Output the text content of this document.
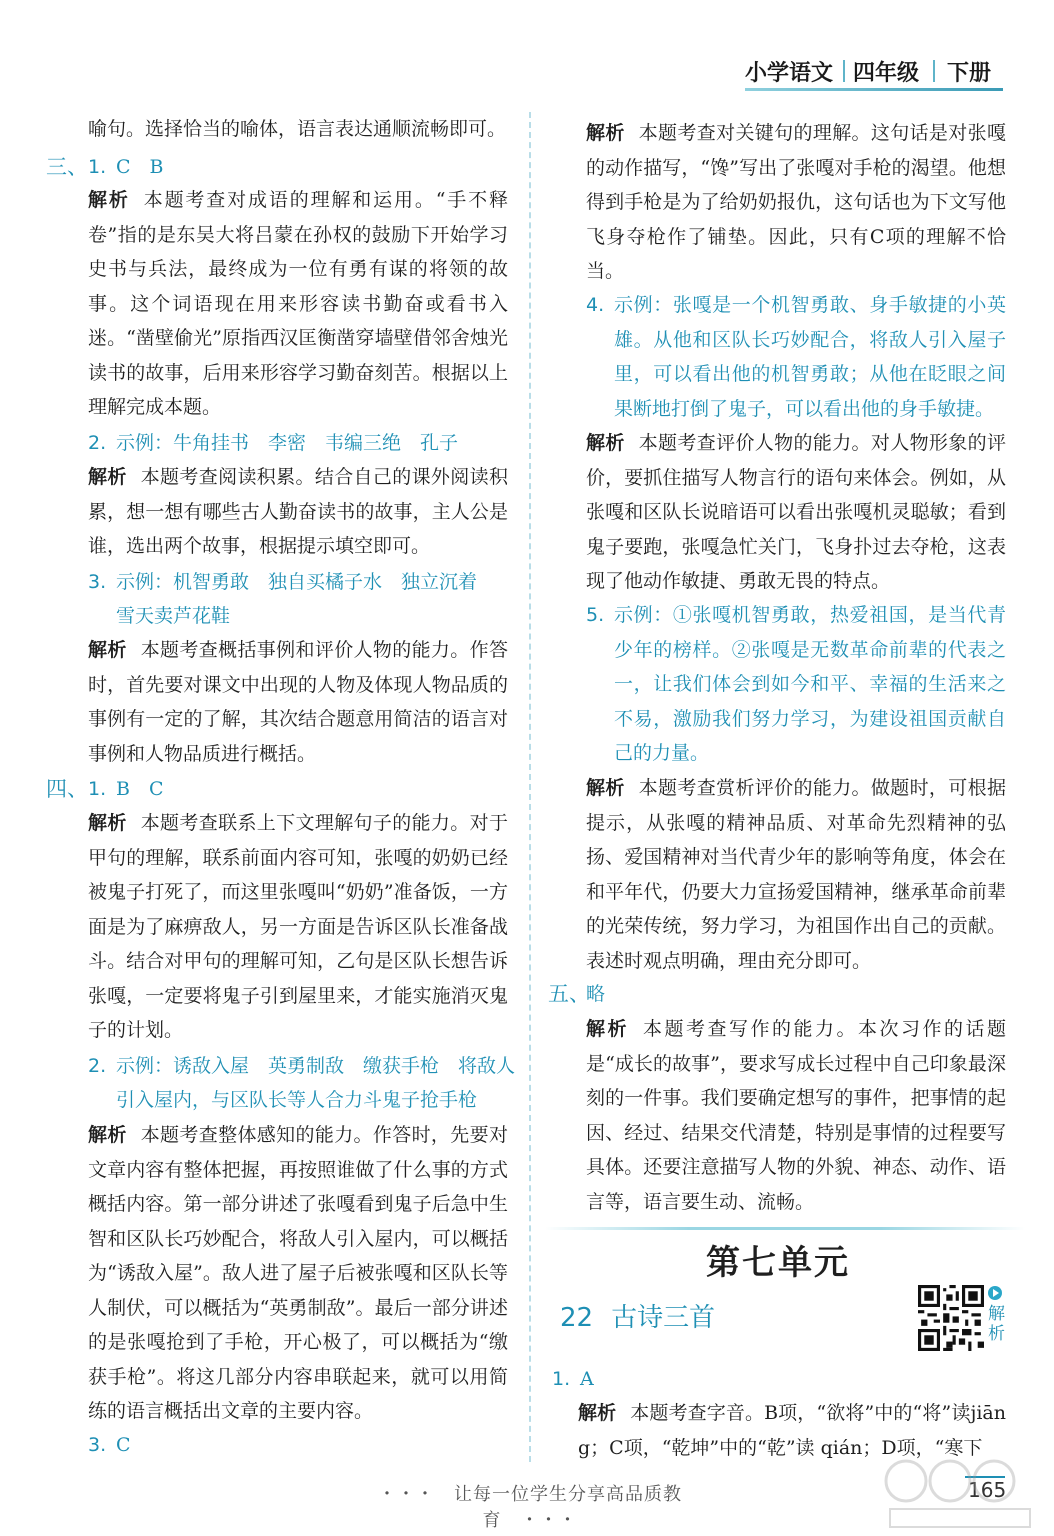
小学语文 四年级 下册
喻句。选择恰当的喻体，语言表达通顺流畅即可。
三、 1. C　B
解析 本题考查对成语的理解和运用。“手不释卷”指的是东吴大将吕蒙在孙权的鼓励下开始学习史书与兵法，最终成为一位有勇有谋的将领的故事。这个词语现在用来形容读书勤奋或看书入迷。“凿壁偷光”原指西汉匡衡凿穿墙壁借邻舍烛光读书的故事，后用来形容学习勤奋刻苦。根据以上理解完成本题。
2. 示例：牛角挂书　李密　韦编三绝　孔子
解析 本题考查阅读积累。结合自己的课外阅读积累，想一想有哪些古人勤奋读书的故事，主人公是谁，选出两个故事，根据提示填空即可。
3. 示例：机智勇敢　独自买橘子水　独立沉着
雪天卖芦花鞋
解析 本题考查概括事例和评价人物的能力。作答时，首先要对课文中出现的人物及体现人物品质的事例有一定的了解，其次结合题意用简洁的语言对事例和人物品质进行概括。
四、 1. B　C
解析 本题考查联系上下文理解句子的能力。对于甲句的理解，联系前面内容可知，张嘎的奶奶已经被鬼子打死了，而这里张嘎叫“奶奶”准备饭，一方面是为了麻痹敌人，另一方面是告诉区队长准备战斗。结合对甲句的理解可知，乙句是区队长想告诉张嘎，一定要将鬼子引到屋里来，才能实施消灭鬼子的计划。
2. 示例：诱敌入屋　英勇制敌　缴获手枪　将敌人
引入屋内，与区队长等人合力斗鬼子抢手枪
解析 本题考查整体感知的能力。作答时，先要对文章内容有整体把握，再按照谁做了什么事的方式概括内容。第一部分讲述了张嘎看到鬼子后急中生智和区队长巧妙配合，将敌人引入屋内，可以概括为“诱敌入屋”。敌人进了屋子后被张嘎和区队长等人制伏，可以概括为“英勇制敌”。最后一部分讲述的是张嘎抢到了手枪，开心极了，可以概括为“缴获手枪”。将这几部分内容串联起来，就可以用简练的语言概括出文章的主要内容。
3. C
解析 本题考查对关键句的理解。这句话是对张嘎的动作描写，“馋”写出了张嘎对手枪的渴望。他想得到手枪是为了给奶奶报仇，这句话也为下文写他飞身夺枪作了铺垫。因此，只有C项的理解不恰当。
4. 示例：张嘎是一个机智勇敢、身手敏捷的小英雄。从他和区队长巧妙配合，将敌人引入屋子里，可以看出他的机智勇敢；从他在眨眼之间果断地打倒了鬼子，可以看出他的身手敏捷。
解析 本题考查评价人物的能力。对人物形象的评价，要抓住描写人物言行的语句来体会。例如，从张嘎和区队长说暗语可以看出张嘎机灵聪敏；看到鬼子要跑，张嘎急忙关门，飞身扑过去夺枪，这表现了他动作敏捷、勇敢无畏的特点。
5. 示例：①张嘎机智勇敢，热爱祖国，是当代青少年的榜样。②张嘎是无数革命前辈的代表之一，让我们体会到如今和平、幸福的生活来之不易，激励我们努力学习，为建设祖国贡献自己的力量。
解析 本题考查赏析评价的能力。做题时，可根据提示，从张嘎的精神品质、对革命先烈精神的弘扬、爱国精神对当代青少年的影响等角度，体会在和平年代，仍要大力宣扬爱国精神，继承革命前辈的光荣传统，努力学习，为祖国作出自己的贡献。表述时观点明确，理由充分即可。
五、
略
解析 本题考查写作的能力。本次习作的话题是“成长的故事”，要求写成长过程中自己印象最深刻的一件事。我们要确定想写的事件，把事情的起因、经过、结果交代清楚，特别是事情的过程要写具体。还要注意描写人物的外貌、神态、动作、语言等，语言要生动、流畅。
第七单元
22 古诗三首	解析
1. A
解析 本题考查字音。B项，“欲将”中的“将”读jiāng；C项，“乾坤”中的“乾”读 qián；D项，“寒下
・・・　让每一位学生分享高品质教育　・・・
165
